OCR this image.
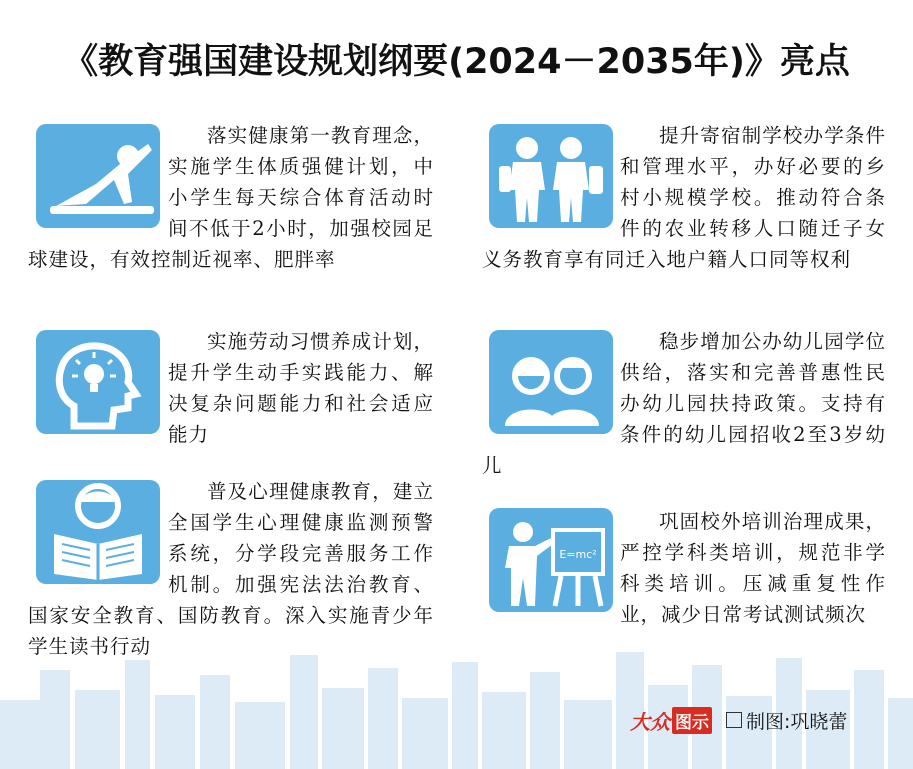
《教育强国建设规划纲要(2024－2035年)》亮点
落实健康第一教育理念，实施学生体质强健计划，中小学生每天综合体育活动时间不低于2小时，加强校园足球建设，有效控制近视率、肥胖率
提升寄宿制学校办学条件和管理水平，办好必要的乡村小规模学校。推动符合条件的农业转移人口随迁子女义务教育享有同迁入地户籍人口同等权利
实施劳动习惯养成计划，提升学生动手实践能力、解决复杂问题能力和社会适应能力
稳步增加公办幼儿园学位供给，落实和完善普惠性民办幼儿园扶持政策。支持有条件的幼儿园招收2至3岁幼儿
普及心理健康教育，建立全国学生心理健康监测预警系统，分学段完善服务工作机制。加强宪法法治教育、国家安全教育、国防教育。深入实施青少年学生读书行动
E=mc²
巩固校外培训治理成果，严控学科类培训，规范非学科类培训。压减重复性作业，减少日常考试测试频次
大众 图示 制图:巩晓蕾
